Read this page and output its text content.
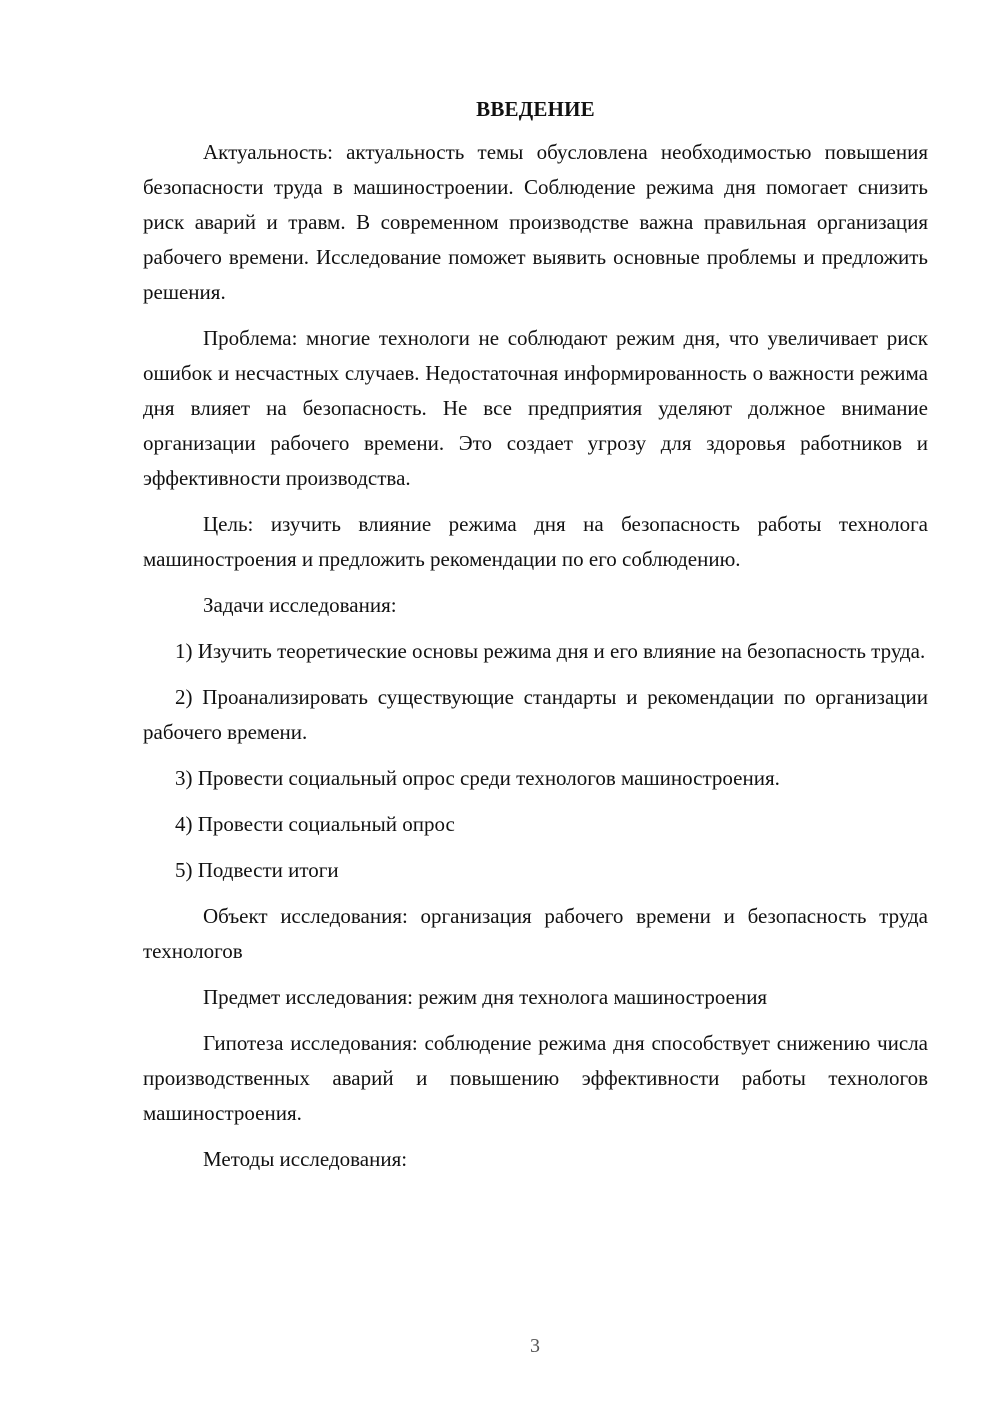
ВВЕДЕНИЕ

Актуальность: актуальность темы обусловлена необходимостью повышения безопасности труда в машиностроении. Соблюдение режима дня помогает снизить риск аварий и травм. В современном производстве важна правильная организация рабочего времени. Исследование поможет выявить основные проблемы и предложить решения.

Проблема: многие технологи не соблюдают режим дня, что увеличивает риск ошибок и несчастных случаев. Недостаточная информированность о важности режима дня влияет на безопасность. Не все предприятия уделяют должное внимание организации рабочего времени. Это создает угрозу для здоровья работников и эффективности производства.

Цель: изучить влияние режима дня на безопасность работы технолога машиностроения и предложить рекомендации по его соблюдению.

Задачи исследования:

1) Изучить теоретические основы режима дня и его влияние на безопасность труда.

2) Проанализировать существующие стандарты и рекомендации по организации рабочего времени.

3) Провести социальный опрос среди технологов машиностроения.

4) Провести социальный опрос

5) Подвести итоги

Объект исследования: организация рабочего времени и безопасность труда технологов

Предмет исследования: режим дня технолога машиностроения

Гипотеза исследования: соблюдение режима дня способствует снижению числа производственных аварий и повышению эффективности работы технологов машиностроения.

Методы исследования:

3
